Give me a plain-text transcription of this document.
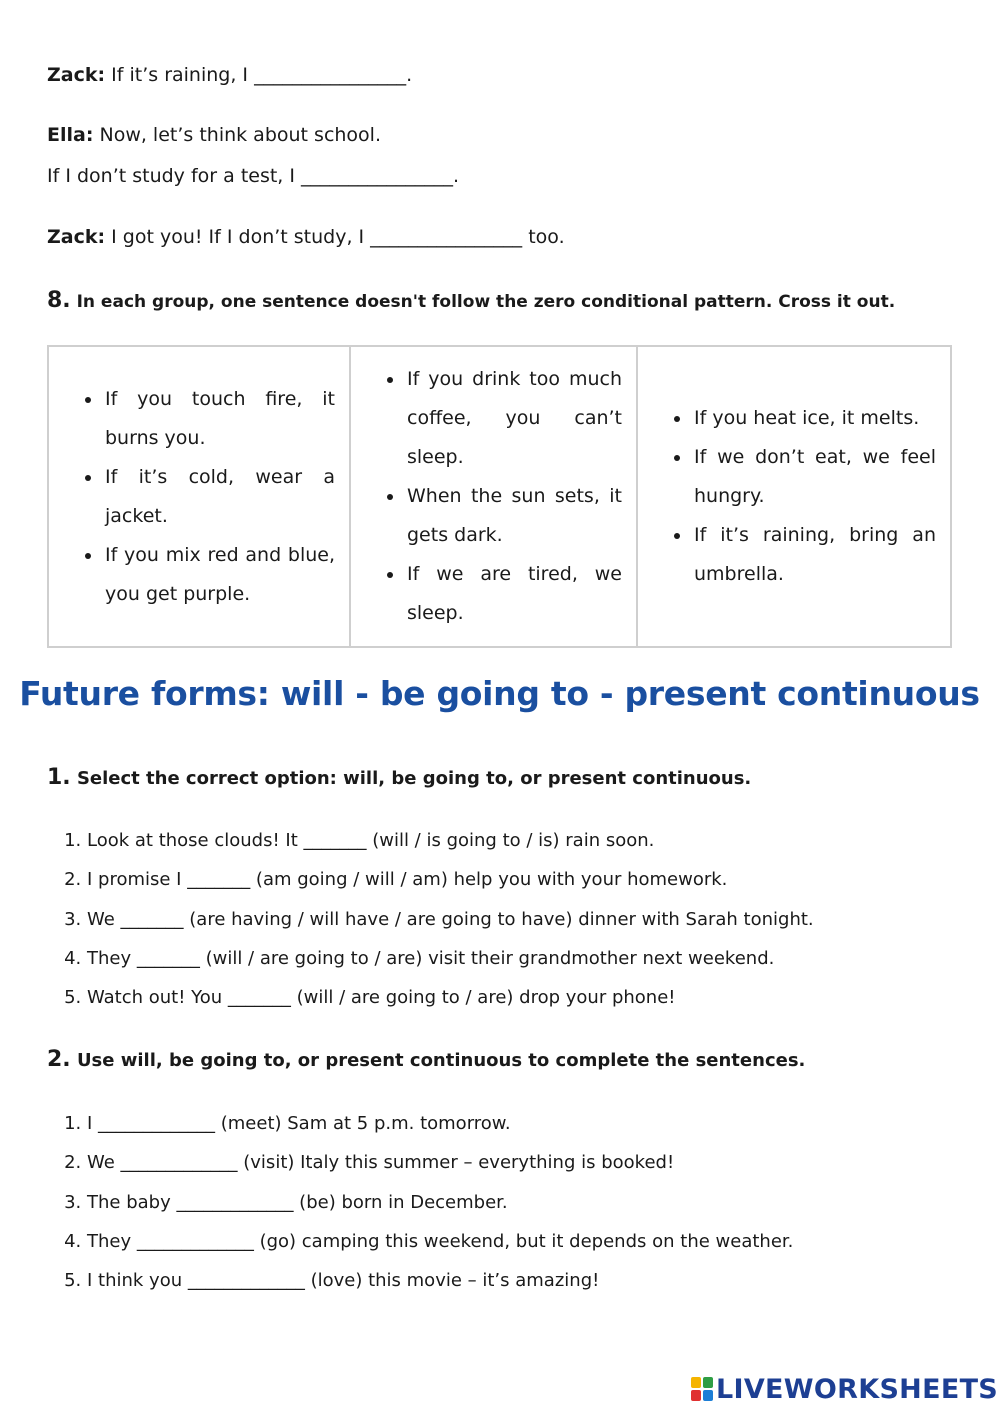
Zack: If it’s raining, I ________________.
Ella: Now, let’s think about school.
If I don’t study for a test, I ________________.
Zack: I got you! If I don’t study, I ________________ too.
8. In each group, one sentence doesn't follow the zero conditional pattern. Cross it out.
• If you touch fire, it burns you.
• If it’s cold, wear a jacket.
• If you mix red and blue, you get purple.

• If you drink too much coffee, you can’t sleep.
• When the sun sets, it gets dark.
• If we are tired, we sleep.

• If you heat ice, it melts.
• If we don’t eat, we feel hungry.
• If it’s raining, bring an umbrella.
Future forms: will - be going to - present continuous
1. Select the correct option: will, be going to, or present continuous.
1. Look at those clouds! It _______ (will / is going to / is) rain soon.
2. I promise I _______ (am going / will / am) help you with your homework.
3. We _______ (are having / will have / are going to have) dinner with Sarah tonight.
4. They _______ (will / are going to / are) visit their grandmother next weekend.
5. Watch out! You _______ (will / are going to / are) drop your phone!
2. Use will, be going to, or present continuous to complete the sentences.
1. I _____________ (meet) Sam at 5 p.m. tomorrow.
2. We _____________ (visit) Italy this summer – everything is booked!
3. The baby _____________ (be) born in December.
4. They _____________ (go) camping this weekend, but it depends on the weather.
5. I think you _____________ (love) this movie – it’s amazing!
LIVEWORKSHEETS
